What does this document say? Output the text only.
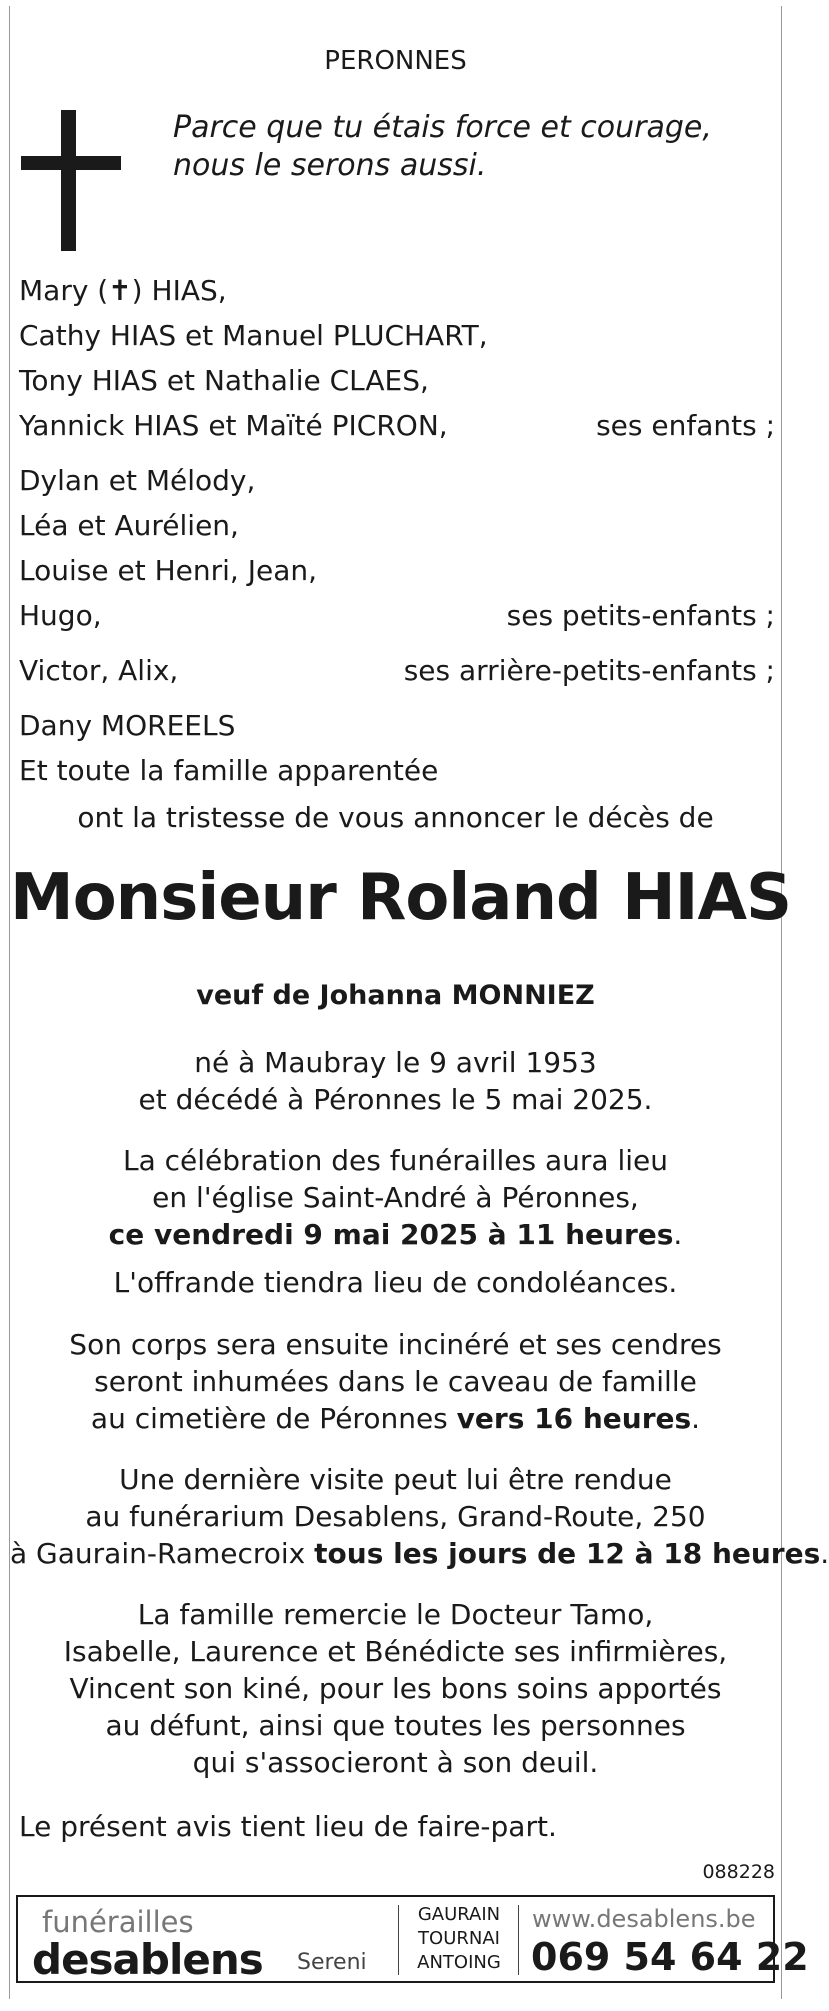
PERONNES
Parce que tu étais force et courage,
nous le serons aussi.
Mary (✝) HIAS,
Cathy HIAS et Manuel PLUCHART,
Tony HIAS et Nathalie CLAES,
Yannick HIAS et Maïté PICRON,	ses enfants ;
Dylan et Mélody,
Léa et Aurélien,
Louise et Henri, Jean,
Hugo,	ses petits-enfants ;
Victor, Alix,	ses arrière-petits-enfants ;
Dany MOREELS
Et toute la famille apparentée
ont la tristesse de vous annoncer le décès de
Monsieur Roland HIAS
veuf de Johanna MONNIEZ
né à Maubray le 9 avril 1953
et décédé à Péronnes le 5 mai 2025.
La célébration des funérailles aura lieu
en l'église Saint-André à Péronnes,
ce vendredi 9 mai 2025 à 11 heures.
L'offrande tiendra lieu de condoléances.
Son corps sera ensuite incinéré et ses cendres
seront inhumées dans le caveau de famille
au cimetière de Péronnes vers 16 heures.
Une dernière visite peut lui être rendue
au funérarium Desablens, Grand-Route, 250
à Gaurain-Ramecroix tous les jours de 12 à 18 heures.
La famille remercie le Docteur Tamo,
Isabelle, Laurence et Bénédicte ses infirmières,
Vincent son kiné, pour les bons soins apportés
au défunt, ainsi que toutes les personnes
qui s'associeront à son deuil.
Le présent avis tient lieu de faire-part.
088228
funérailles
desablens Sereni
GAURAIN
TOURNAI
ANTOING
www.desablens.be
069 54 64 22
